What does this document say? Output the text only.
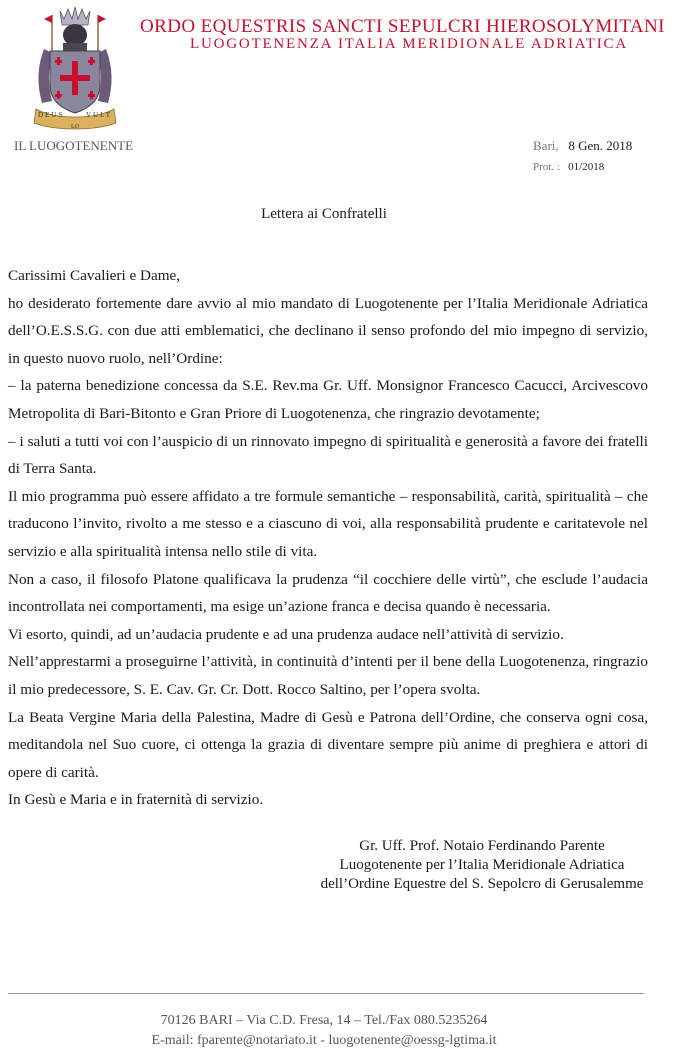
DEUS	VULT
LO
ORDO EQUESTRIS SANCTI SEPULCRI HIEROSOLYMITANI
LUOGOTENENZA ITALIA MERIDIONALE ADRIATICA
IL LUOGOTENENTE	Bari, 8 Gen. 2018
Prot. : 01/2018
Lettera ai Confratelli

Carissimi Cavalieri e Dame,

ho desiderato fortemente dare avvio al mio mandato di Luogotenente per l’Italia Meridionale Adriatica dell’O.E.S.S.G. con due atti emblematici, che declinano il senso profondo del mio impegno di servizio, in questo nuovo ruolo, nell’Ordine:

– la paterna benedizione concessa da S.E. Rev.ma Gr. Uff. Monsignor Francesco Cacucci, Arcivescovo Metropolita di Bari-Bitonto e Gran Priore di Luogotenenza, che ringrazio devotamente;

– i saluti a tutti voi con l’auspicio di un rinnovato impegno di spiritualità e generosità a favore dei fratelli di Terra Santa.

Il mio programma può essere affidato a tre formule semantiche – responsabilità, carità, spiritualità – che traducono l’invito, rivolto a me stesso e a ciascuno di voi, alla responsabilità prudente e caritatevole nel servizio e alla spiritualità intensa nello stile di vita.

Non a caso, il filosofo Platone qualificava la prudenza “il cocchiere delle virtù”, che esclude l’audacia incontrollata nei comportamenti, ma esige un’azione franca e decisa quando è necessaria.

Vi esorto, quindi, ad un’audacia prudente e ad una prudenza audace nell’attività di servizio.

Nell’apprestarmi a proseguirne l’attività, in continuità d’intenti per il bene della Luogotenenza, ringrazio il mio predecessore, S. E. Cav. Gr. Cr. Dott. Rocco Saltino, per l’opera svolta.

La Beata Vergine Maria della Palestina, Madre di Gesù e Patrona dell’Ordine, che conserva ogni cosa, meditandola nel Suo cuore, ci ottenga la grazia di diventare sempre più anime di preghiera e attori di opere di carità.

In Gesù e Maria e in fraternità di servizio.

Gr. Uff. Prof. Notaio Ferdinando Parente
Luogotenente per l’Italia Meridionale Adriatica
dell’Ordine Equestre del S. Sepolcro di Gerusalemme
70126 BARI – Via C.D. Fresa, 14 – Tel./Fax 080.5235264
E-mail: fparente@notariato.it - luogotenente@oessg-lgtima.it
